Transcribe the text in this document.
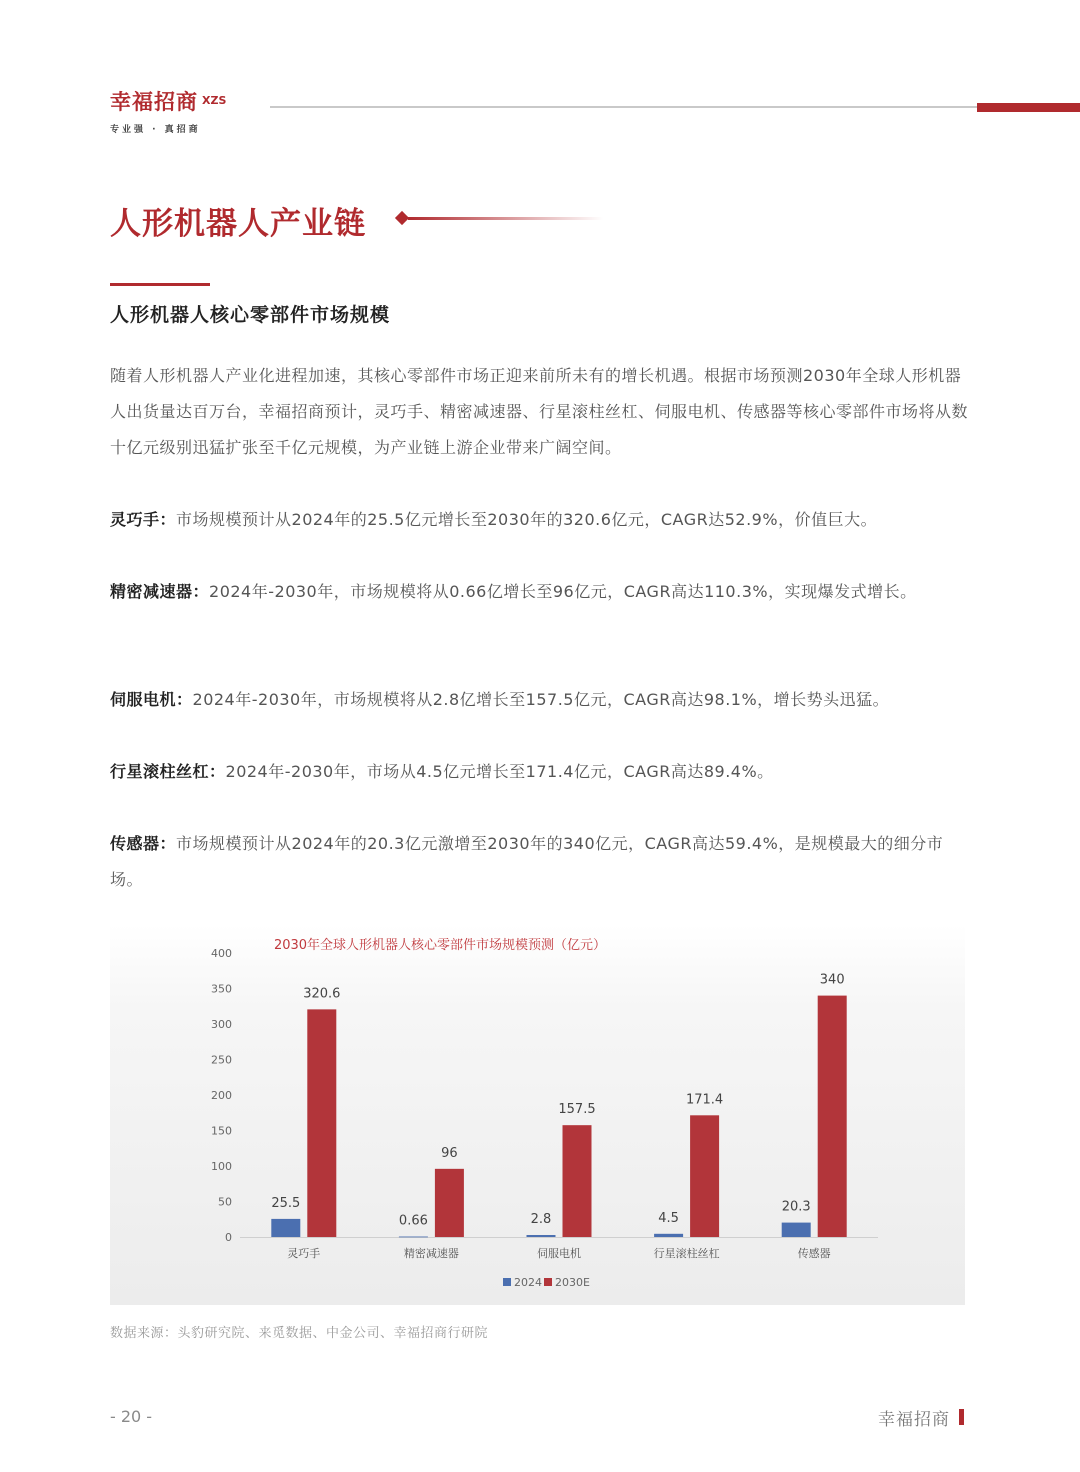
幸福招商 XZS
专业强 · 真招商
人形机器人产业链
人形机器人核心零部件市场规模

随着人形机器人产业化进程加速，其核心零部件市场正迎来前所未有的增长机遇。根据市场预测2030年全球人形机器人出货量达百万台，幸福招商预计，灵巧手、精密减速器、行星滚柱丝杠、伺服电机、传感器等核心零部件市场将从数十亿元级别迅猛扩张至千亿元规模，为产业链上游企业带来广阔空间。

灵巧手：市场规模预计从2024年的25.5亿元增长至2030年的320.6亿元，CAGR达52.9%，价值巨大。

精密减速器：2024年-2030年，市场规模将从0.66亿增长至96亿元，CAGR高达110.3%，实现爆发式增长。

伺服电机：2024年-2030年，市场规模将从2.8亿增长至157.5亿元，CAGR高达98.1%，增长势头迅猛。

行星滚柱丝杠：2024年-2030年，市场从4.5亿元增长至171.4亿元，CAGR高达89.4%。

传感器：市场规模预计从2024年的20.3亿元激增至2030年的340亿元，CAGR高达59.4%，是规模最大的细分市场。

2030年全球人形机器人核心零部件市场规模预测（亿元）
0
50
100
150
200
250
300
350
400
25.5
320.6
灵巧手
0.66
96
精密减速器
2.8
157.5
伺服电机
4.5
171.4
行星滚柱丝杠
20.3
340
传感器
2024 2030E
数据来源：头豹研究院、来觅数据、中金公司、幸福招商行研院
- 20 -	幸福招商
